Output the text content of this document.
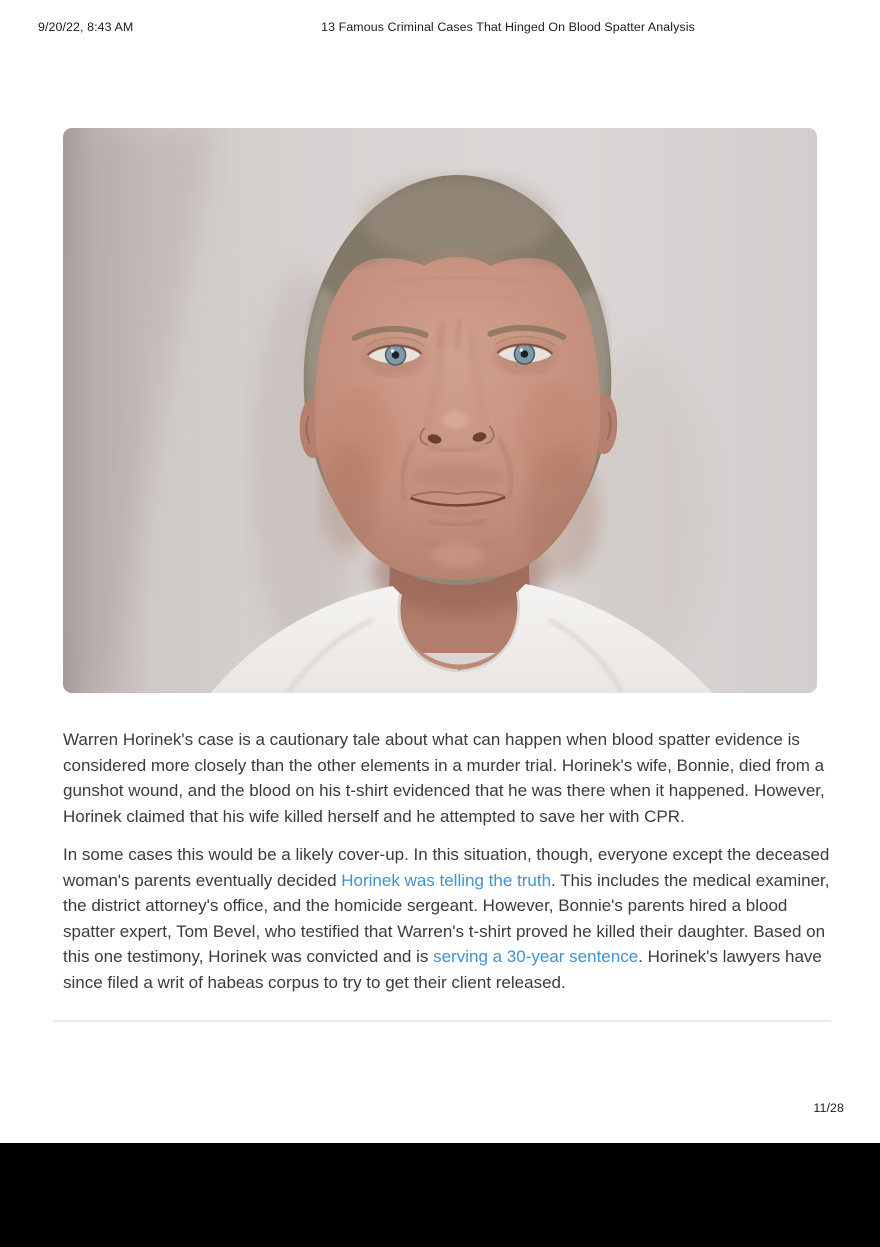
9/20/22, 8:43 AM	13 Famous Criminal Cases That Hinged On Blood Spatter Analysis

Warren Horinek's case is a cautionary tale about what can happen when blood spatter evidence is considered more closely than the other elements in a murder trial. Horinek's wife, Bonnie, died from a gunshot wound, and the blood on his t-shirt evidenced that he was there when it happened. However, Horinek claimed that his wife killed herself and he attempted to save her with CPR.

In some cases this would be a likely cover-up. In this situation, though, everyone except the deceased woman's parents eventually decided Horinek was telling the truth. This includes the medical examiner, the district attorney's office, and the homicide sergeant. However, Bonnie's parents hired a blood spatter expert, Tom Bevel, who testified that Warren's t-shirt proved he killed their daughter. Based on this one testimony, Horinek was convicted and is serving a 30-year sentence. Horinek's lawyers have since filed a writ of habeas corpus to try to get their client released.

11/28
